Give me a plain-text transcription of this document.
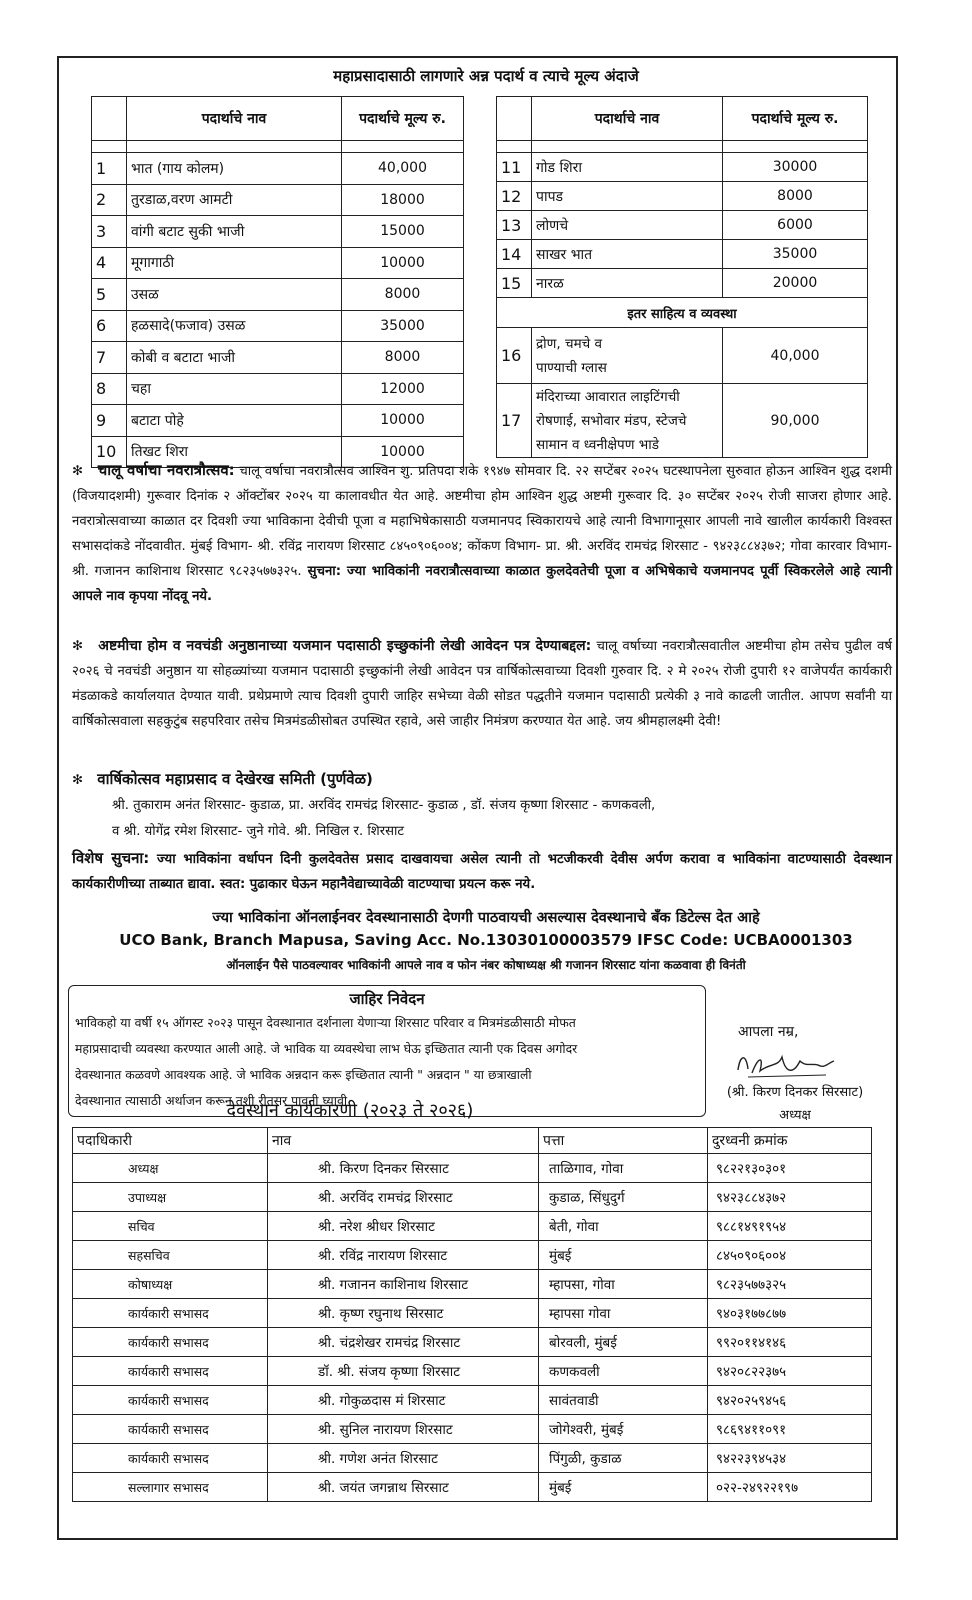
महाप्रसादासाठी लागणारे अन्न पदार्थ व त्याचे मूल्य अंदाजे
	पदार्थाचे नाव	पदार्थाचे मूल्य रु.

1	भात (गाय कोलम)	40,000
2	तुरडाळ,वरण आमटी	18000
3	वांगी बटाट सुकी भाजी	15000
4	मूगागाठी	10000
5	उसळ	8000
6	हळसादे(फजाव) उसळ	35000
7	कोबी व बटाटा भाजी	8000
8	चहा	12000
9	बटाटा पोहे	10000
10	तिखट शिरा	10000
	पदार्थाचे नाव	पदार्थाचे मूल्य रु.

11	गोड शिरा	30000
12	पापड	8000
13	लोणचे	6000
14	साखर भात	35000
15	नारळ	20000
इतर साहित्य व व्यवस्था		
16	द्रोण, चमचे व
पाण्याची ग्लास	40,000
17	मंदिराच्या आवारात लाइटिंगची
रोषणाई, सभोवार मंडप, स्टेजचे
सामान व ध्वनीक्षेपण भाडे	90,000
✻ चालू वर्षाचा नवरात्रौत्सव: चालू वर्षाचा नवरात्रौत्सव आश्विन शु. प्रतिपदा शके १९४७ सोमवार दि. २२ सप्टेंबर २०२५ घटस्थापनेला सुरुवात होऊन आश्विन शुद्ध दशमी (विजयादशमी) गुरूवार दिनांक २ ऑक्टोंबर २०२५ या कालावधीत येत आहे. अष्टमीचा होम आश्विन शुद्ध अष्टमी गुरूवार दि. ३० सप्टेंबर २०२५ रोजी साजरा होणार आहे. नवरात्रोत्सवाच्या काळात दर दिवशी ज्या भाविकाना देवीची पूजा व महाभिषेकासाठी यजमानपद स्विकारायचे आहे त्यानी विभागानूसार आपली नावे खालील कार्यकारी विश्वस्त सभासदांकडे नोंदवावीत. मुंबई विभाग- श्री. रविंद्र नारायण शिरसाट ८४५०९०६००४; कोंकण विभाग- प्रा. श्री. अरविंद रामचंद्र शिरसाट - ९४२३८८४३७२; गोवा कारवार विभाग- श्री. गजानन काशिनाथ शिरसाट ९८२३५७७३२५. सुचना: ज्या भाविकांनी नवरात्रौत्सवाच्या काळात कुलदेवतेची पूजा व अभिषेकाचे यजमानपद पूर्वी स्विकरलेले आहे त्यानी आपले नाव कृपया नोंदवू नये.
✻ अष्टमीचा होम व नवचंडी अनुष्ठानाच्या यजमान पदासाठी इच्छुकांनी लेखी आवेदन पत्र देण्याबद्दल: चालू वर्षाच्या नवरात्रौत्सवातील अष्टमीचा होम तसेच पुढील वर्ष २०२६ चे नवचंडी अनुष्ठान या सोहळ्यांच्या यजमान पदासाठी इच्छुकांनी लेखी आवेदन पत्र वार्षिकोत्सवाच्या दिवशी गुरुवार दि. २ मे २०२५ रोजी दुपारी १२ वाजेपर्यंत कार्यकारी मंडळाकडे कार्यालयात देण्यात यावी. प्रथेप्रमाणे त्याच दिवशी दुपारी जाहिर सभेच्या वेळी सोडत पद्धतीने यजमान पदासाठी प्रत्येकी ३ नावे काढली जातील. आपण सर्वांनी या वार्षिकोत्सवाला सहकुटुंब सहपरिवार तसेच मित्रमंडळीसोबत उपस्थित रहावे, असे जाहीर निमंत्रण करण्यात येत आहे. जय श्रीमहालक्ष्मी देवी!
✻ वार्षिकोत्सव महाप्रसाद व देखेरख समिती (पुर्णवेळ)
श्री. तुकाराम अनंत शिरसाट- कुडाळ, प्रा. अरविंद रामचंद्र शिरसाट- कुडाळ , डॉ. संजय कृष्णा शिरसाट - कणकवली,
व श्री. योगेंद्र रमेश शिरसाट- जुने गोवे. श्री. निखिल र. शिरसाट
विशेष सुचना: ज्या भाविकांना वर्धापन दिनी कुलदेवतेस प्रसाद दाखवायचा असेल त्यानी तो भटजीकरवी देवीस अर्पण करावा व भाविकांना वाटण्यासाठी देवस्थान कार्यकारीणीच्या ताब्यात द्यावा. स्वत: पुढाकार घेऊन महानैवेद्याच्यावेळी वाटण्याचा प्रयत्न करू नये.
ज्या भाविकांना ऑनलाईनवर देवस्थानासाठी देणगी पाठवायची असल्यास देवस्थानाचे बँक डिटेल्स देत आहे
UCO Bank, Branch Mapusa, Saving Acc. No.13030100003579 IFSC Code: UCBA0001303
ऑनलाईन पैसे पाठवल्यावर भाविकांनी आपले नाव व फोन नंबर कोषाध्यक्ष श्री गजानन शिरसाट यांना कळवावा ही विनंती
जाहिर निवेदन
भाविकहो या वर्षी १५ ऑगस्ट २०२३ पासून देवस्थानात दर्शनाला येणाऱ्या शिरसाट परिवार व मित्रमंडळीसाठी मोफत
महाप्रसादाची व्यवस्था करण्यात आली आहे. जे भाविक या व्यवस्थेचा लाभ घेऊ इच्छितात त्यानी एक दिवस अगोदर
देवस्थानात कळवणे आवश्यक आहे. जे भाविक अन्नदान करू इच्छितात त्यानी " अन्नदान " या छत्राखाली
देवस्थानात त्यासाठी अर्थाजन करून तशी रीतसर पावती घ्यावी
आपला नम्र,
(श्री. किरण दिनकर सिरसाट)
अध्यक्ष
देवस्थान कार्यकारणी (२०२३ ते २०२६)
पदाधिकारी	नाव	पत्ता	दुरध्वनी क्रमांक
अध्यक्ष	श्री. किरण दिनकर सिरसाट	ताळिगाव, गोवा	९८२२१३०३०१
उपाध्यक्ष	श्री. अरविंद रामचंद्र शिरसाट	कुडाळ, सिंधुदुर्ग	९४२३८८४३७२
सचिव	श्री. नरेश श्रीधर शिरसाट	बेती, गोवा	९८८१४९१९५४
सहसचिव	श्री. रविंद्र नारायण शिरसाट	मुंबई	८४५०९०६००४
कोषाध्यक्ष	श्री. गजानन काशिनाथ शिरसाट	म्हापसा, गोवा	९८२३५७७३२५
कार्यकारी सभासद	श्री. कृष्ण रघुनाथ सिरसाट	म्हापसा गोवा	९४०३१७७८७७
कार्यकारी सभासद	श्री. चंद्रशेखर रामचंद्र शिरसाट	बोरवली, मुंबई	९९२०११४१४६
कार्यकारी सभासद	डॉ. श्री. संजय कृष्णा शिरसाट	कणकवली	९४२०८२२३७५
कार्यकारी सभासद	श्री. गोकुळदास मं शिरसाट	सावंतवाडी	९४२०२५९४५६
कार्यकारी सभासद	श्री. सुनिल नारायण शिरसाट	जोगेश्वरी, मुंबई	९८६९४११०९१
कार्यकारी सभासद	श्री. गणेश अनंत शिरसाट	पिंगुळी, कुडाळ	९४२२३९४५३४
सल्लागार सभासद	श्री. जयंत जगन्नाथ सिरसाट	मुंबई	०२२-२४९२२१९७
